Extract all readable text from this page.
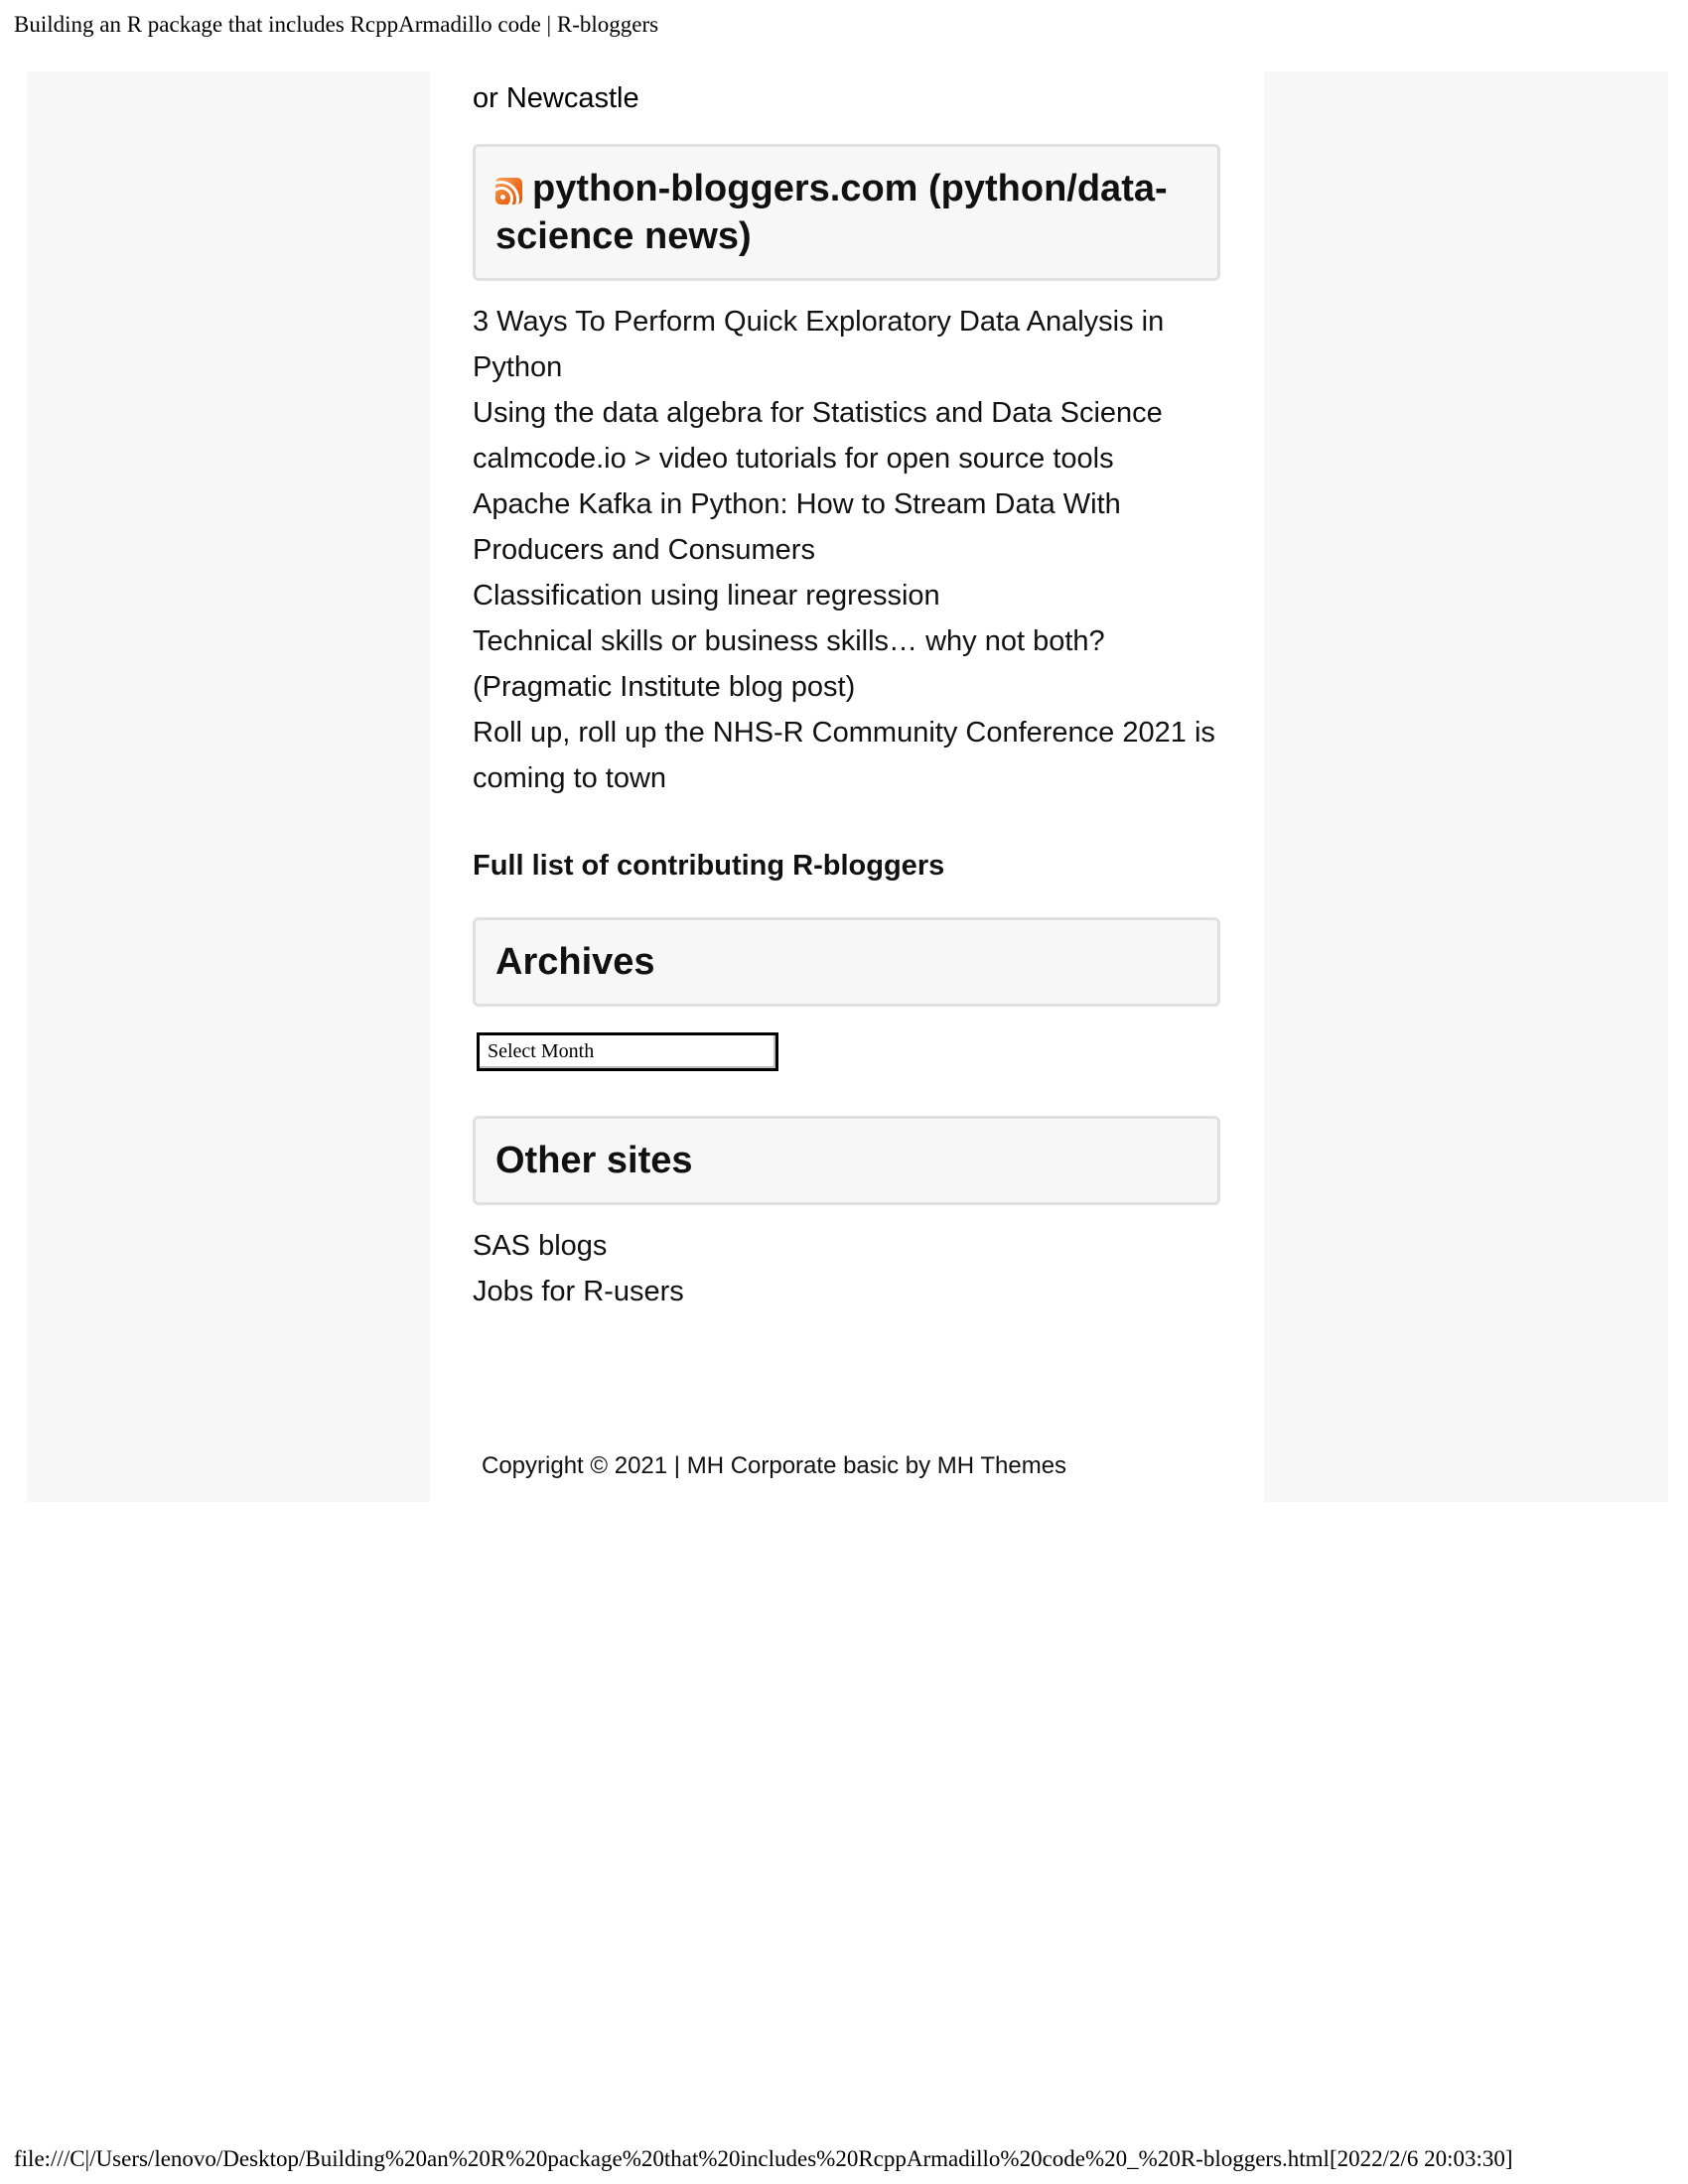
Building an R package that includes RcppArmadillo code | R-bloggers
or Newcastle
python-bloggers.com (python/data-science news)
3 Ways To Perform Quick Exploratory Data Analysis in Python
Using the data algebra for Statistics and Data Science
calmcode.io > video tutorials for open source tools
Apache Kafka in Python: How to Stream Data With Producers and Consumers
Classification using linear regression
Technical skills or business skills… why not both? (Pragmatic Institute blog post)
Roll up, roll up the NHS-R Community Conference 2021 is coming to town
Full list of contributing R-bloggers
Archives
Select Month
Other sites
SAS blogs
Jobs for R-users
Copyright © 2021 | MH Corporate basic by MH Themes
file:///C|/Users/lenovo/Desktop/Building%20an%20R%20package%20that%20includes%20RcppArmadillo%20code%20_%20R-bloggers.html[2022/2/6 20:03:30]
